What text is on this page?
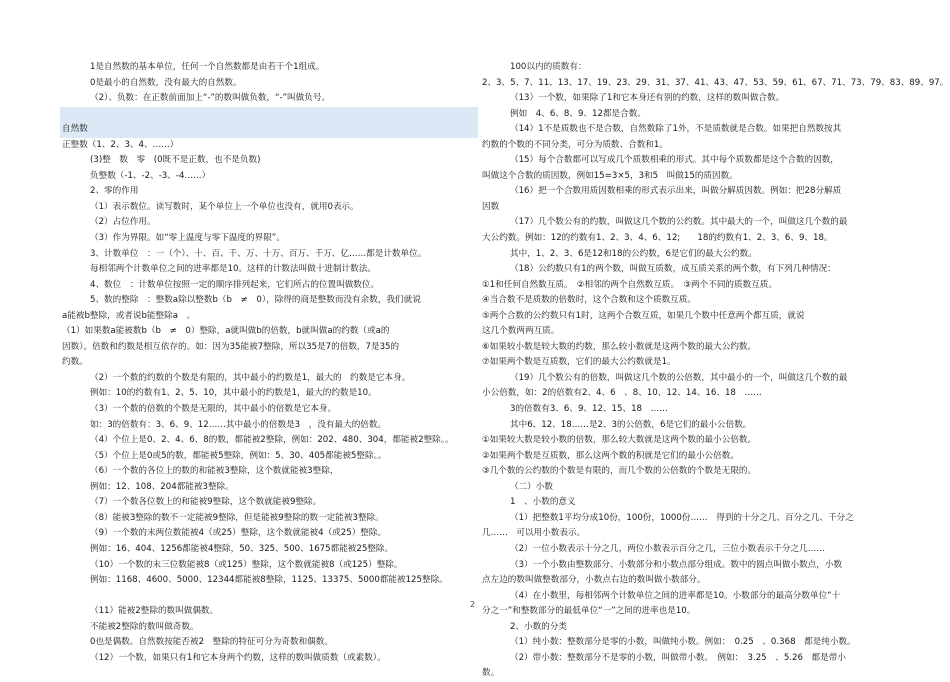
1是自然数的基本单位，任何一个自然数都是由若干个1组成。
0是最小的自然数，没有最大的自然数。
（2）、负数：在正数前面加上“-”的数叫做负数，“-”叫做负号。
自然数
正整数（1、2、3、4、……）
(3)整　数　零　(0既不是正数，也不是负数)
负整数（-1、-2、-3、-4……）
2、零的作用
（1）表示数位。读写数时，某个单位上一个单位也没有，就用0表示。
（2）占位作用。
（3）作为界限。如“零上温度与零下温度的界限”。
3、计数单位　：一（个）、十、百、千、万、十万、百万、千万、亿……都是计数单位。
每相邻两个计数单位之间的进率都是10。这样的计数法叫做十进制计数法。
4、数位　：计数单位按照一定的顺序排列起来，它们所占的位置叫做数位。
5、数的整除　：整数a除以整数b（b　≠　0），除得的商是整数而没有余数，我们就说
a能被b整除，或者说b能整除a　。
（1）如果数a能被数b（b　≠　0）整除，a就叫做b的倍数，b就叫做a的约数（或a的
因数）。倍数和约数是相互依存的。如：因为35能被7整除，所以35是7的倍数，7是35的
约数。
（2）一个数的约数的个数是有限的，其中最小的约数是1，最大的　约数是它本身。
例如：10的约数有1、2、5、10，其中最小的约数是1，最大的约数是10。
（3）一个数的倍数的个数是无限的，其中最小的倍数是它本身。
如：3的倍数有：3、6、9、12……其中最小的倍数是3　，没有最大的倍数。
（4）个位上是0、2、4、6、8的数，都能被2整除，例如：202、480、304，都能被2整除。。
（5）个位上是0或5的数，都能被5整除，例如：5、30、405都能被5整除。。
（6）一个数的各位上的数的和能被3整除，这个数就能被3整除，
例如：12、108、204都能被3整除。
（7）一个数各位数上的和能被9整除，这个数就能被9整除。
（8）能被3整除的数不一定能被9整除，但是能被9整除的数一定能被3整除。
（9）一个数的末两位数能被4（或25）整除，这个数就能被4（或25）整除。
例如：16、404、1256都能被4整除，50、325、500、1675都能被25整除。
（10）一个数的末三位数能被8（或125）整除，这个数就能被8（或125）整除。
例如：1168、4600、5000、12344都能被8整除，1125、13375、5000都能被125整除。
（11）能被2整除的数叫做偶数。
不能被2整除的数叫做奇数。
0也是偶数。自然数按能否被2　整除的特征可分为奇数和偶数。
（12）一个数，如果只有1和它本身两个约数，这样的数叫做质数（或素数）。
100以内的质数有：
2、3、5、7、11、13、17、19、23、29、31、37、41、43、47、53、59、61、67、71、73、79、83、89、97。
（13）一个数，如果除了1和它本身还有别的约数，这样的数叫做合数。
例如　4、6、8、9、12都是合数。
（14）1不是质数也不是合数，自然数除了1外，不是质数就是合数。如果把自然数按其
约数的个数的不同分类，可分为质数、合数和1。
（15）每个合数都可以写成几个质数相乘的形式。其中每个质数都是这个合数的因数，
叫做这个合数的质因数，例如15=3×5，3和5　叫做15的质因数。
（16）把一个合数用质因数相乘的形式表示出来，叫做分解质因数。例如：把28分解质
因数
（17）几个数公有的约数，叫做这几个数的公约数。其中最大的一个，叫做这几个数的最
大公约数。例如：12的约数有1、2、3、4、6、12;　　18的约数有1、2、3、6、9、18。
其中，1、2、3、6是12和18的公约数，6是它们的最大公约数。
（18）公约数只有1的两个数，叫做互质数，成互质关系的两个数，有下列几种情况：
①1和任何自然数互质。　②相邻的两个自然数互质。　③两个不同的质数互质。
④当合数不是质数的倍数时，这个合数和这个质数互质。
⑤两个合数的公约数只有1时，这两个合数互质，如果几个数中任意两个都互质，就说
这几个数两两互质。
⑥如果较小数是较大数的约数，那么较小数就是这两个数的最大公约数。
⑦如果两个数是互质数，它们的最大公约数就是1。
（19）几个数公有的倍数，叫做这几个数的公倍数，其中最小的一个，叫做这几个数的最
小公倍数，如：2的倍数有2、4、6　、8、10、12、14、16、18　……
3的倍数有3、6、9、12、15、18　……
其中6、12、18……是2、3的公倍数，6是它们的最小公倍数。
①如果较大数是较小数的倍数，那么较大数就是这两个数的最小公倍数。
②如果两个数是互质数，那么这两个数的积就是它们的最小公倍数。
③几个数的公约数的个数是有限的，而几个数的公倍数的个数是无限的。
（二）小数
1　、小数的意义
（1）把整数1平均分成10份，100份，1000份……　得到的十分之几、百分之几、千分之
几……　可以用小数表示。
（2）一位小数表示十分之几，两位小数表示百分之几，三位小数表示千分之几……
（3）一个小数由整数部分、小数部分和小数点部分组成。数中的圆点叫做小数点，小数
点左边的数叫做整数部分，小数点右边的数叫做小数部分。
（4）在小数里，每相邻两个计数单位之间的进率都是10。小数部分的最高分数单位“十
分之一”和整数部分的最低单位“一”之间的进率也是10。
2、小数的分类
（1）纯小数：整数部分是零的小数，叫做纯小数。例如：　0.25　、0.368　都是纯小数。
（2）带小数：整数部分不是零的小数，叫做带小数。　例如：　3.25　、5.26　都是带小
数。
2
